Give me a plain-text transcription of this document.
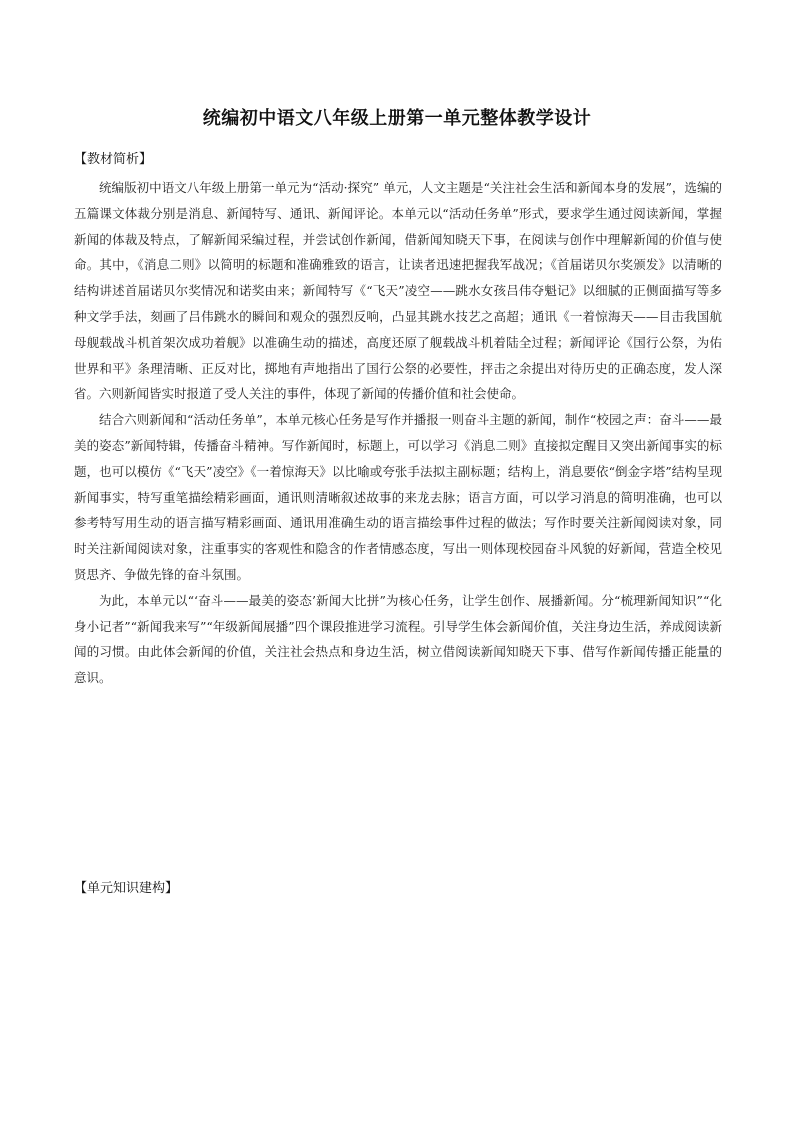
统编初中语文八年级上册第一单元整体教学设计
【教材简析】

统编版初中语文八年级上册第一单元为“活动·探究” 单元，人文主题是“关注社会生活和新闻本身的发展”，选编的五篇课文体裁分别是消息、新闻特写、通讯、新闻评论。本单元以“活动任务单”形式，要求学生通过阅读新闻，掌握新闻的体裁及特点，了解新闻采编过程，并尝试创作新闻，借新闻知晓天下事，在阅读与创作中理解新闻的价值与使命。其中，《消息二则》以简明的标题和准确雅致的语言，让读者迅速把握我军战况；《首届诺贝尔奖颁发》以清晰的结构讲述首届诺贝尔奖情况和诺奖由来；新闻特写《“飞天”凌空——跳水女孩吕伟夺魁记》以细腻的正侧面描写等多种文学手法，刻画了吕伟跳水的瞬间和观众的强烈反响，凸显其跳水技艺之高超；通讯《一着惊海天——目击我国航母舰载战斗机首架次成功着舰》以准确生动的描述，高度还原了舰载战斗机着陆全过程；新闻评论《国行公祭，为佑世界和平》条理清晰、正反对比，掷地有声地指出了国行公祭的必要性，抨击之余提出对待历史的正确态度，发人深省。六则新闻皆实时报道了受人关注的事件，体现了新闻的传播价值和社会使命。

结合六则新闻和“活动任务单”，本单元核心任务是写作并播报一则奋斗主题的新闻，制作“校园之声：奋斗——最美的姿态”新闻特辑，传播奋斗精神。写作新闻时，标题上，可以学习《消息二则》直接拟定醒目又突出新闻事实的标题，也可以模仿《“飞天”凌空》《一着惊海天》以比喻或夸张手法拟主副标题；结构上，消息要依“倒金字塔”结构呈现新闻事实，特写重笔描绘精彩画面，通讯则清晰叙述故事的来龙去脉；语言方面，可以学习消息的简明准确，也可以参考特写用生动的语言描写精彩画面、通讯用准确生动的语言描绘事件过程的做法；写作时要关注新闻阅读对象，同时关注新闻阅读对象，注重事实的客观性和隐含的作者情感态度，写出一则体现校园奋斗风貌的好新闻，营造全校见贤思齐、争做先锋的奋斗氛围。

为此，本单元以“‘奋斗——最美的姿态’新闻大比拼”为核心任务，让学生创作、展播新闻。分“梳理新闻知识”“化身小记者”“新闻我来写”“年级新闻展播”四个课段推进学习流程。引导学生体会新闻价值，关注身边生活，养成阅读新闻的习惯。由此体会新闻的价值，关注社会热点和身边生活，树立借阅读新闻知晓天下事、借写作新闻传播正能量的意识。

【单元知识建构】
